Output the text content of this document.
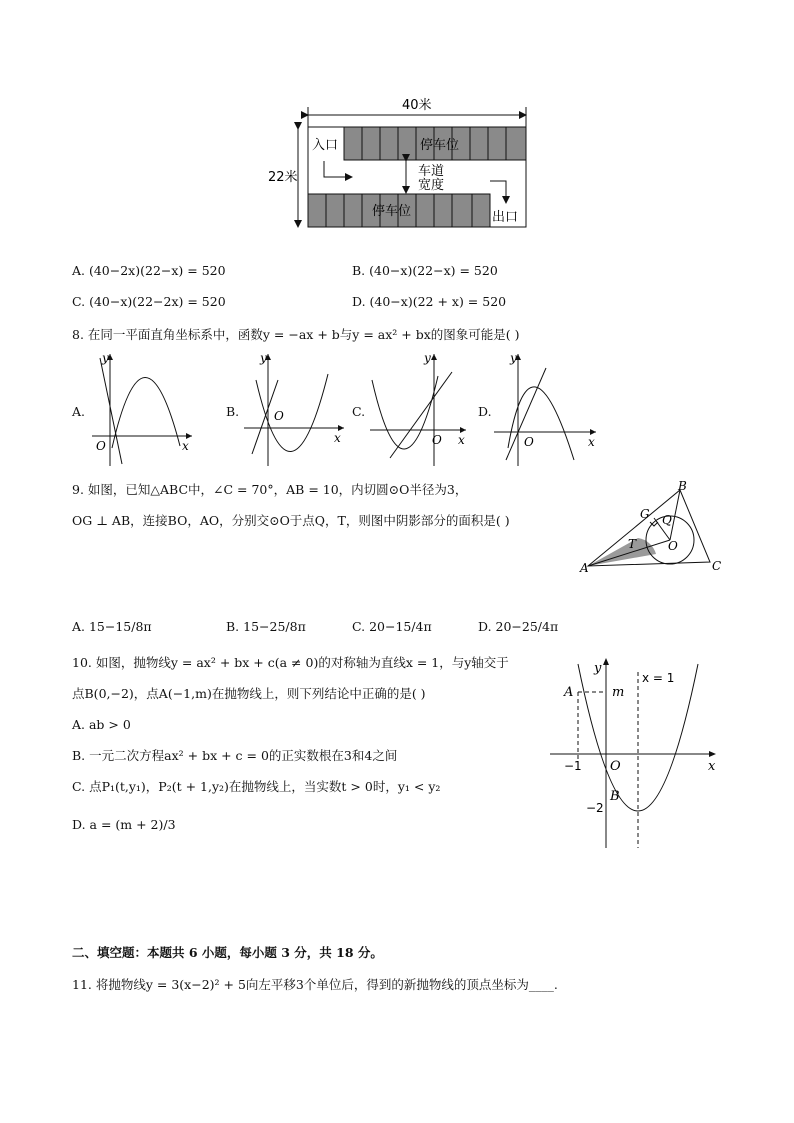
40米
22米
停车位
停车位
入口
出口
车道
宽度
A. (40−2x)(22−x) = 520	B. (40−x)(22−x) = 520
C. (40−x)(22−2x) = 520	D. (40−x)(22 + x) = 520
8. 在同一平面直角坐标系中，函数y = −ax + b与y = ax² + bx的图象可能是( )
A.
y
x
O
B.
y
x
O	C.
y
x
O
D.
y
x
O
9. 如图，已知△ABC中，∠C = 70°，AB = 10，内切圆⊙O半径为3，
OG ⊥ AB，连接BO，AO，分别交⊙O于点Q，T，则图中阴影部分的面积是( )
A
B
C
G Q
T	O
A. 15−15/8π	B. 15−25/8π	C. 20−15/4π	D. 20−25/4π
10. 如图，抛物线y = ax² + bx + c(a ≠ 0)的对称轴为直线x = 1，与y轴交于
点B(0,−2)，点A(−1,m)在抛物线上，则下列结论中正确的是( )
A. ab > 0
B. 一元二次方程ax² + bx + c = 0的正实数根在3和4之间
C. 点P₁(t,y₁)，P₂(t + 1,y₂)在抛物线上，当实数t > 0时，y₁ < y₂
D. a = (m + 2)/3
y
x
O
A	m
x = 1
−1
−2
B
二、填空题：本题共 6 小题，每小题 3 分，共 18 分。
11. 将抛物线y = 3(x−2)² + 5向左平移3个单位后，得到的新抛物线的顶点坐标为____.
